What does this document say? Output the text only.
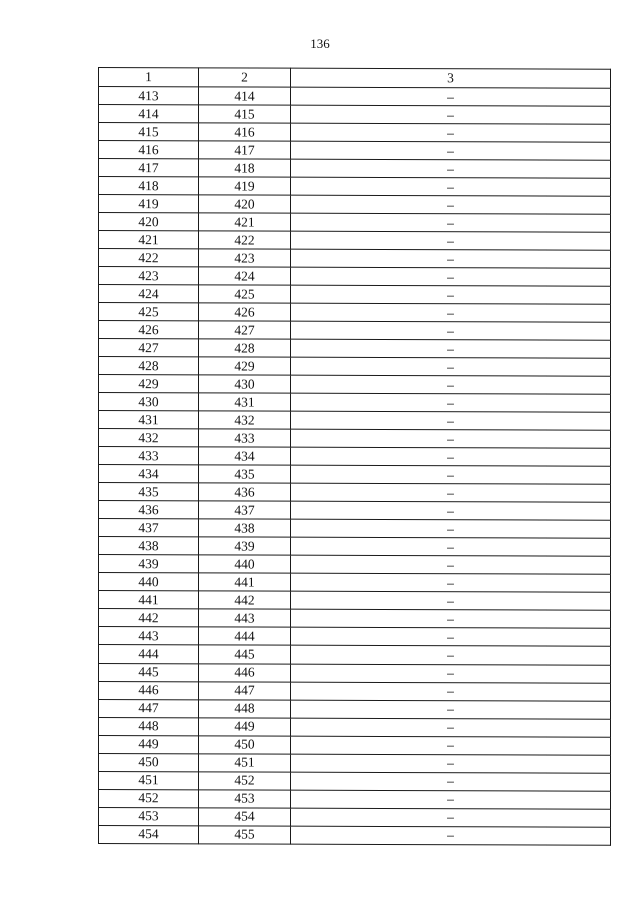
136
1	2	3
413	414	–
414	415	–
415	416	–
416	417	–
417	418	–
418	419	–
419	420	–
420	421	–
421	422	–
422	423	–
423	424	–
424	425	–
425	426	–
426	427	–
427	428	–
428	429	–
429	430	–
430	431	–
431	432	–
432	433	–
433	434	–
434	435	–
435	436	–
436	437	–
437	438	–
438	439	–
439	440	–
440	441	–
441	442	–
442	443	–
443	444	–
444	445	–
445	446	–
446	447	–
447	448	–
448	449	–
449	450	–
450	451	–
451	452	–
452	453	–
453	454	–
454	455	–
